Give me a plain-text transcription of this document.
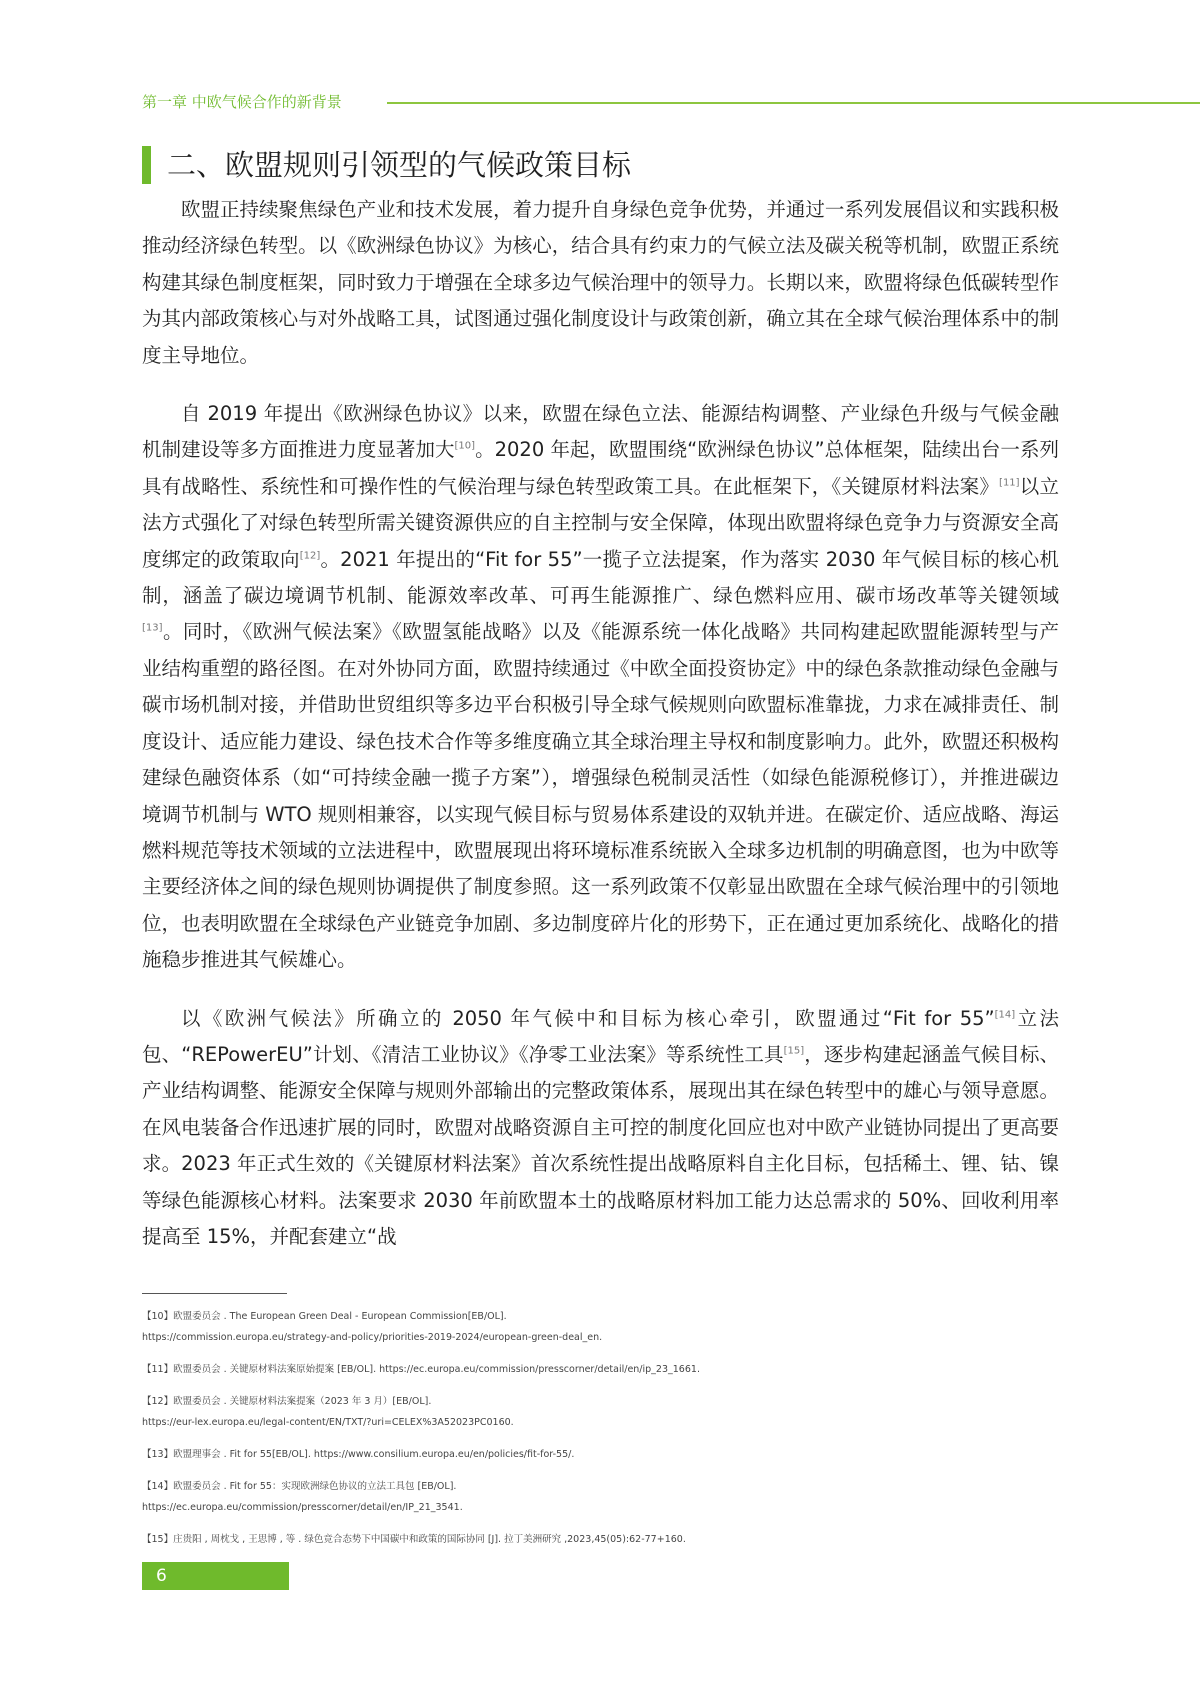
第一章 中欧气候合作的新背景
二、欧盟规则引领型的气候政策目标

欧盟正持续聚焦绿色产业和技术发展，着力提升自身绿色竞争优势，并通过一系列发展倡议和实践积极推动经济绿色转型。以《欧洲绿色协议》为核心，结合具有约束力的气候立法及碳关税等机制，欧盟正系统构建其绿色制度框架，同时致力于增强在全球多边气候治理中的领导力。长期以来，欧盟将绿色低碳转型作为其内部政策核心与对外战略工具，试图通过强化制度设计与政策创新，确立其在全球气候治理体系中的制度主导地位。

自 2019 年提出《欧洲绿色协议》以来，欧盟在绿色立法、能源结构调整、产业绿色升级与气候金融机制建设等多方面推进力度显著加大[10]。2020 年起，欧盟围绕“欧洲绿色协议”总体框架，陆续出台一系列具有战略性、系统性和可操作性的气候治理与绿色转型政策工具。在此框架下，《关键原材料法案》[11]以立法方式强化了对绿色转型所需关键资源供应的自主控制与安全保障，体现出欧盟将绿色竞争力与资源安全高度绑定的政策取向[12]。2021 年提出的“Fit for 55”一揽子立法提案，作为落实 2030 年气候目标的核心机制，涵盖了碳边境调节机制、能源效率改革、可再生能源推广、绿色燃料应用、碳市场改革等关键领域[13]。同时，《欧洲气候法案》《欧盟氢能战略》以及《能源系统一体化战略》共同构建起欧盟能源转型与产业结构重塑的路径图。在对外协同方面，欧盟持续通过《中欧全面投资协定》中的绿色条款推动绿色金融与碳市场机制对接，并借助世贸组织等多边平台积极引导全球气候规则向欧盟标准靠拢，力求在减排责任、制度设计、适应能力建设、绿色技术合作等多维度确立其全球治理主导权和制度影响力。此外，欧盟还积极构建绿色融资体系（如“可持续金融一揽子方案”），增强绿色税制灵活性（如绿色能源税修订），并推进碳边境调节机制与 WTO 规则相兼容，以实现气候目标与贸易体系建设的双轨并进。在碳定价、适应战略、海运燃料规范等技术领域的立法进程中，欧盟展现出将环境标准系统嵌入全球多边机制的明确意图，也为中欧等主要经济体之间的绿色规则协调提供了制度参照。这一系列政策不仅彰显出欧盟在全球气候治理中的引领地位，也表明欧盟在全球绿色产业链竞争加剧、多边制度碎片化的形势下，正在通过更加系统化、战略化的措施稳步推进其气候雄心。

以《欧洲气候法》所确立的 2050 年气候中和目标为核心牵引，欧盟通过“Fit for 55”[14]立法包、“REPowerEU”计划、《清洁工业协议》《净零工业法案》等系统性工具[15]，逐步构建起涵盖气候目标、产业结构调整、能源安全保障与规则外部输出的完整政策体系，展现出其在绿色转型中的雄心与领导意愿。在风电装备合作迅速扩展的同时，欧盟对战略资源自主可控的制度化回应也对中欧产业链协同提出了更高要求。2023 年正式生效的《关键原材料法案》首次系统性提出战略原料自主化目标，包括稀土、锂、钴、镍等绿色能源核心材料。法案要求 2030 年前欧盟本土的战略原材料加工能力达总需求的 50%、回收利用率提高至 15%，并配套建立“战

【10】欧盟委员会 . The European Green Deal - European Commission[EB/OL].
https://commission.europa.eu/strategy-and-policy/priorities-2019-2024/european-green-deal_en.
【11】欧盟委员会 . 关键原材料法案原始提案 [EB/OL]. https://ec.europa.eu/commission/presscorner/detail/en/ip_23_1661.
【12】欧盟委员会 . 关键原材料法案提案（2023 年 3 月）[EB/OL].
https://eur-lex.europa.eu/legal-content/EN/TXT/?uri=CELEX%3A52023PC0160.
【13】欧盟理事会 . Fit for 55[EB/OL]. https://www.consilium.europa.eu/en/policies/fit-for-55/.
【14】欧盟委员会 . Fit for 55：实现欧洲绿色协议的立法工具包 [EB/OL].
https://ec.europa.eu/commission/presscorner/detail/en/IP_21_3541.
【15】庄贵阳 , 周枕戈 , 王思博 , 等 . 绿色竞合态势下中国碳中和政策的国际协同 [J]. 拉丁美洲研究 ,2023,45(05):62-77+160.
6
